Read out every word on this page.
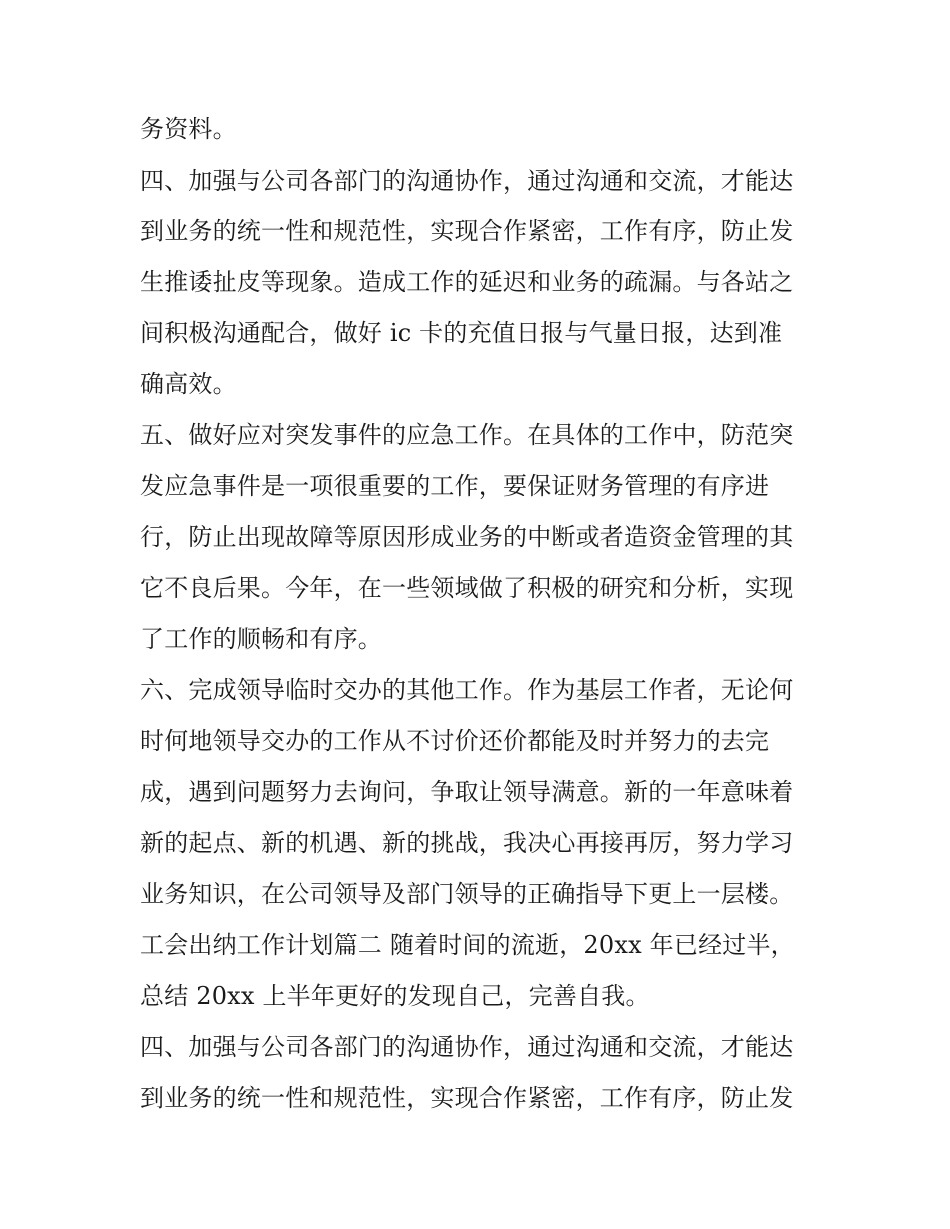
务资料。
四、加强与公司各部门的沟通协作，通过沟通和交流，才能达
到业务的统一性和规范性，实现合作紧密，工作有序，防止发
生推诿扯皮等现象。造成工作的延迟和业务的疏漏。与各站之
间积极沟通配合，做好 ic 卡的充值日报与气量日报，达到准
确高效。
五、做好应对突发事件的应急工作。在具体的工作中，防范突
发应急事件是一项很重要的工作，要保证财务管理的有序进
行，防止出现故障等原因形成业务的中断或者造资金管理的其
它不良后果。今年，在一些领域做了积极的研究和分析，实现
了工作的顺畅和有序。
六、完成领导临时交办的其他工作。作为基层工作者，无论何
时何地领导交办的工作从不讨价还价都能及时并努力的去完
成，遇到问题努力去询问，争取让领导满意。新的一年意味着
新的起点、新的机遇、新的挑战，我决心再接再厉，努力学习
业务知识，在公司领导及部门领导的正确指导下更上一层楼。
工会出纳工作计划篇二 随着时间的流逝，20xx 年已经过半，
总结 20xx 上半年更好的发现自己，完善自我。
四、加强与公司各部门的沟通协作，通过沟通和交流，才能达
到业务的统一性和规范性，实现合作紧密，工作有序，防止发
